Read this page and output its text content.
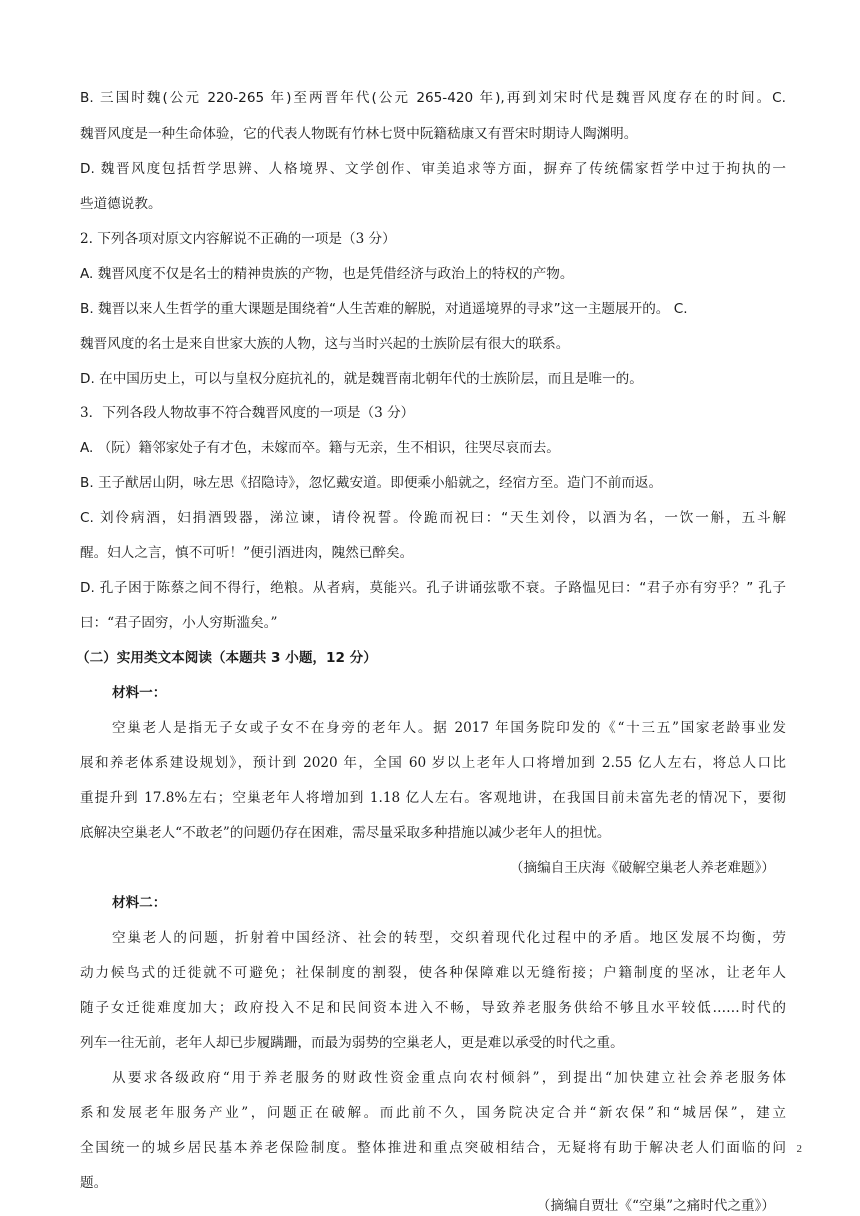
B. 三国时魏(公元 220-265 年)至两晋年代(公元 265-420 年),再到刘宋时代是魏晋风度存在的时间。C.
魏晋风度是一种生命体验，它的代表人物既有竹林七贤中阮籍嵇康又有晋宋时期诗人陶渊明。
D. 魏晋风度包括哲学思辨、人格境界、文学创作、审美追求等方面，摒弃了传统儒家哲学中过于拘执的一
些道德说教。
2. 下列各项对原文内容解说不正确的一项是（3 分）
A. 魏晋风度不仅是名士的精神贵族的产物，也是凭借经济与政治上的特权的产物。
B. 魏晋以来人生哲学的重大课题是围绕着“人生苦难的解脱，对逍遥境界的寻求”这一主题展开的。 C.
魏晋风度的名士是来自世家大族的人物，这与当时兴起的士族阶层有很大的联系。
D. 在中国历史上，可以与皇权分庭抗礼的，就是魏晋南北朝年代的士族阶层，而且是唯一的。
3．下列各段人物故事不符合魏晋风度的一项是（3 分）
A. （阮）籍邻家处子有才色，未嫁而卒。籍与无亲，生不相识，往哭尽哀而去。
B. 王子猷居山阴，咏左思《招隐诗》，忽忆戴安道。即便乘小船就之，经宿方至。造门不前而返。
C. 刘伶病酒，妇捐酒毁器，涕泣谏，请伶祝誓。伶跪而祝曰：“天生刘伶，以酒为名，一饮一斛，五斗解
醒。妇人之言，慎不可听！”便引酒进肉，隗然已醉矣。
D. 孔子困于陈蔡之间不得行，绝粮。从者病，莫能兴。孔子讲诵弦歌不衰。子路愠见曰：“君子亦有穷乎？” 孔子
曰：“君子固穷，小人穷斯滥矣。”
（二）实用类文本阅读（本题共 3 小题，12 分）
材料一：
空巢老人是指无子女或子女不在身旁的老年人。据 2017 年国务院印发的《“十三五”国家老龄事业发
展和养老体系建设规划》，预计到 2020 年，全国 60 岁以上老年人口将增加到 2.55 亿人左右，将总人口比
重提升到 17.8%左右；空巢老年人将增加到 1.18 亿人左右。客观地讲，在我国目前未富先老的情况下，要彻
底解决空巢老人“不敢老”的问题仍存在困难，需尽量采取多种措施以减少老年人的担忧。
（摘编自王庆海《破解空巢老人养老难题》）
材料二：
空巢老人的问题，折射着中国经济、社会的转型，交织着现代化过程中的矛盾。地区发展不均衡，劳
动力候鸟式的迁徙就不可避免；社保制度的割裂，使各种保障难以无缝衔接；户籍制度的坚冰，让老年人
随子女迁徙难度加大；政府投入不足和民间资本进入不畅，导致养老服务供给不够且水平较低……时代的
列车一往无前，老年人却已步履蹒跚，而最为弱势的空巢老人，更是难以承受的时代之重。
从要求各级政府“用于养老服务的财政性资金重点向农村倾斜”，到提出“加快建立社会养老服务体
系和发展老年服务产业”，问题正在破解。而此前不久，国务院决定合并“新农保”和“城居保”，建立
全国统一的城乡居民基本养老保险制度。整体推进和重点突破相结合，无疑将有助于解决老人们面临的问
题。
（摘编自贾壮《“空巢”之痛时代之重》）
2
